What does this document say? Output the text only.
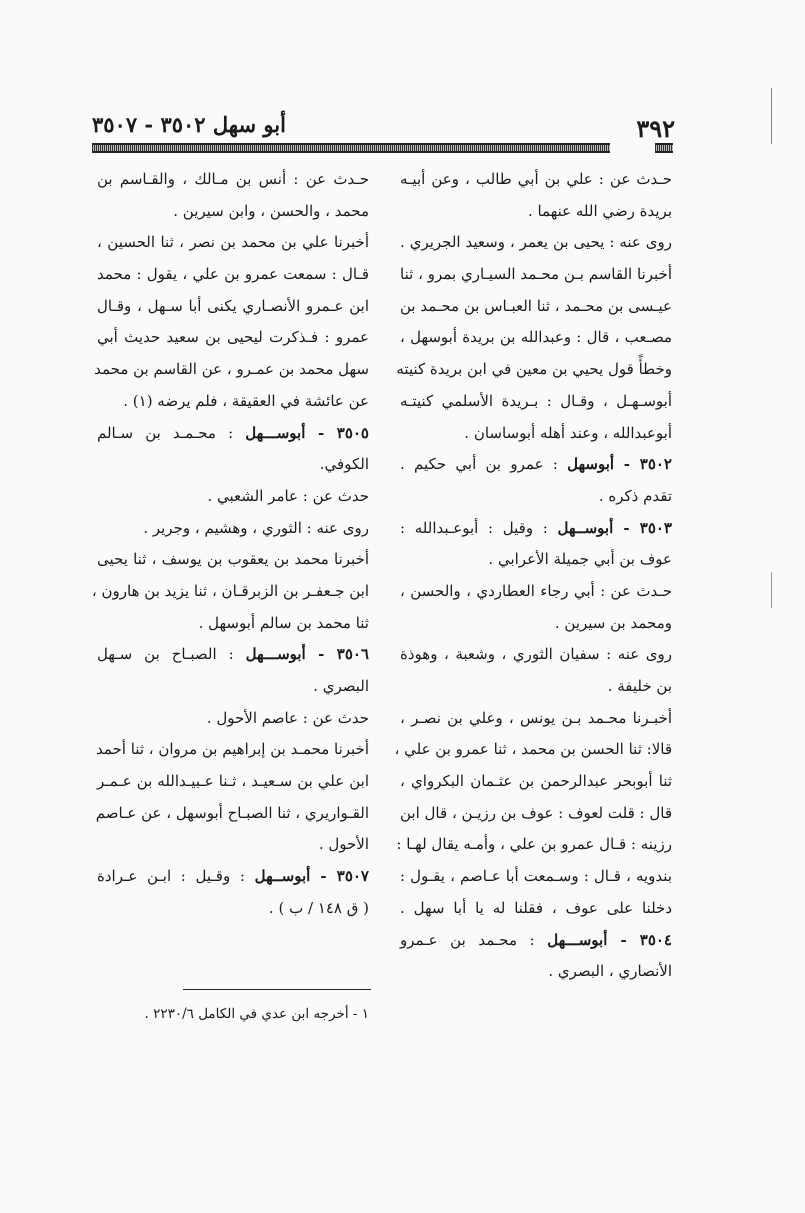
٣٩٢
أبو سهل ٣٥٠٢ - ٣٥٠٧
حـدث عن : علي بن أبي طالب ، وعن أبيـه
بريدة رضي الله عنهما .
روى عنه : يحيى بن يعمر ، وسعيد الجريري .
أخبرنا القاسم بـن محـمد السيـاري بمرو ، ثنا
عيـسى بن محـمد ، ثنا العبـاس بن محـمد بن
مصـعب ، قال : وعبدالله بن بريدة أبوسهل ،
وخطأً قول يحيي بن معين في ابن بريدة كنيته
أبوسـهـل ، وقـال : بـريدة الأسلمي كنيتـه
أبوعبدالله ، وعند أهله أبوساسان .
٣٥٠٢ - أبوسهل : عمرو بن أبي حكيم .
تقدم ذكره .
٣٥٠٣ - أبوســهل : وقيل : أبوعـبدالله :
عوف بن أبي جميلة الأعرابي .
حـدث عن : أبي رجاء العطاردي ، والحسن ،
ومحمد بن سيرين .
روى عنه : سفيان الثوري ، وشعبة ، وهوذة
بن خليفة .
أخبـرنا محـمد بـن يونس ، وعلي بن نصـر ،
قالا: ثنا الحسن بن محمد ، ثنا عمرو بن علي ،
ثنا أبوبحر عبدالرحمن بن عثـمان البكرواي ،
قال : قلت لعوف : عوف بن رزيـن ، قال ابن
رزينه : قـال عمرو بن علي ، وأمـه يقال لهـا :
بندويه ، قـال : وسـمعت أبا عـاصم ، يقـول :
دخلنا على عوف ، فقلنا له يا أبا سهل .
٣٥٠٤ - أبوســـهل : محـمد بن عـمرو
الأنصاري ، البصري .
حـدث عن : أنس بن مـالك ، والقـاسم بن
محمد ، والحسن ، وابن سيرين .
أخبرنا علي بن محمد بن نصر ، ثنا الحسين ،
قـال : سمعت عمرو بن علي ، يقول : محمد
ابن عـمرو الأنصـاري يكنى أبا سـهل ، وقـال
عمرو : فـذكرت ليحيى بن سعيد حديث أبي
سهل محمد بن عمـرو ، عن القاسم بن محمد
عن عائشة في العقيقة ، فلم يرضه (١) .
٣٥٠٥ - أبوســـهل : محـمـد بن سـالم
الكوفي.
حدث عن : عامر الشعبي .
روى عنه : الثوري ، وهشيم ، وجرير .
أخبرنا محمد بن يعقوب بن يوسف ، ثنا يحيى
ابن جـعفـر بن الزبرقـان ، ثنا يزيد بن هارون ،
ثنا محمد بن سالم أبوسهل .
٣٥٠٦ - أبوســـهل : الصبـاح بن سـهل
البصري .
حدث عن : عاصم الأحول .
أخبرنا محمـد بن إبراهيم بن مروان ، ثنا أحمد
ابن علي بن سـعيـد ، ثـنا عـبيـدالله بن عـمـر
القـواريري ، ثنا الصبـاح أبوسهل ، عن عـاصم
الأحول .
٣٥٠٧ - أبوســهل : وقـيل : ابـن عـرادة
( ق ١٤٨ / ب ) .
١ - أخرجه ابن عدي في الكامل ٢٢٣٠/٦ .
